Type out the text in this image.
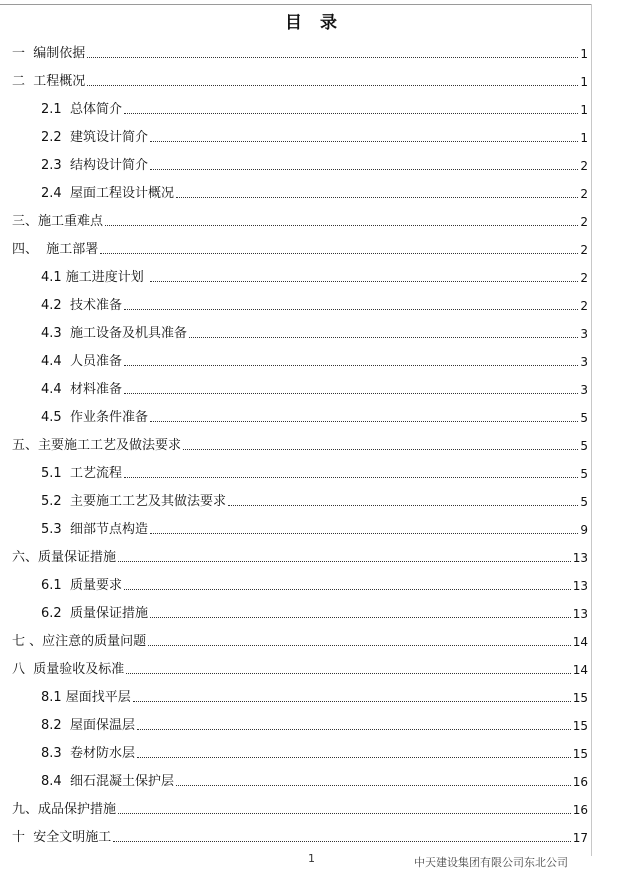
目 录
一  编制依据	1
二  工程概况	1
2.1  总体简介	1
2.2  建筑设计简介	1
2.3  结构设计简介	2
2.4  屋面工程设计概况	2
三、施工重难点	2
四、  施工部署	2
4.1 施工进度计划	2
4.2  技术准备	2
4.3  施工设备及机具准备	3
4.4  人员准备	3
4.4  材料准备	3
4.5  作业条件准备	5
五、主要施工工艺及做法要求	5
5.1  工艺流程	5
5.2  主要施工工艺及其做法要求	5
5.3  细部节点构造	9
六、质量保证措施	13
6.1  质量要求	13
6.2  质量保证措施	13
七 、应注意的质量问题	14
八  质量验收及标准	14
8.1 屋面找平层	15
8.2  屋面保温层	15
8.3  卷材防水层	15
8.4  细石混凝土保护层	16
九、成品保护措施	16
十  安全文明施工	17
1	中天建设集团有限公司东北公司
